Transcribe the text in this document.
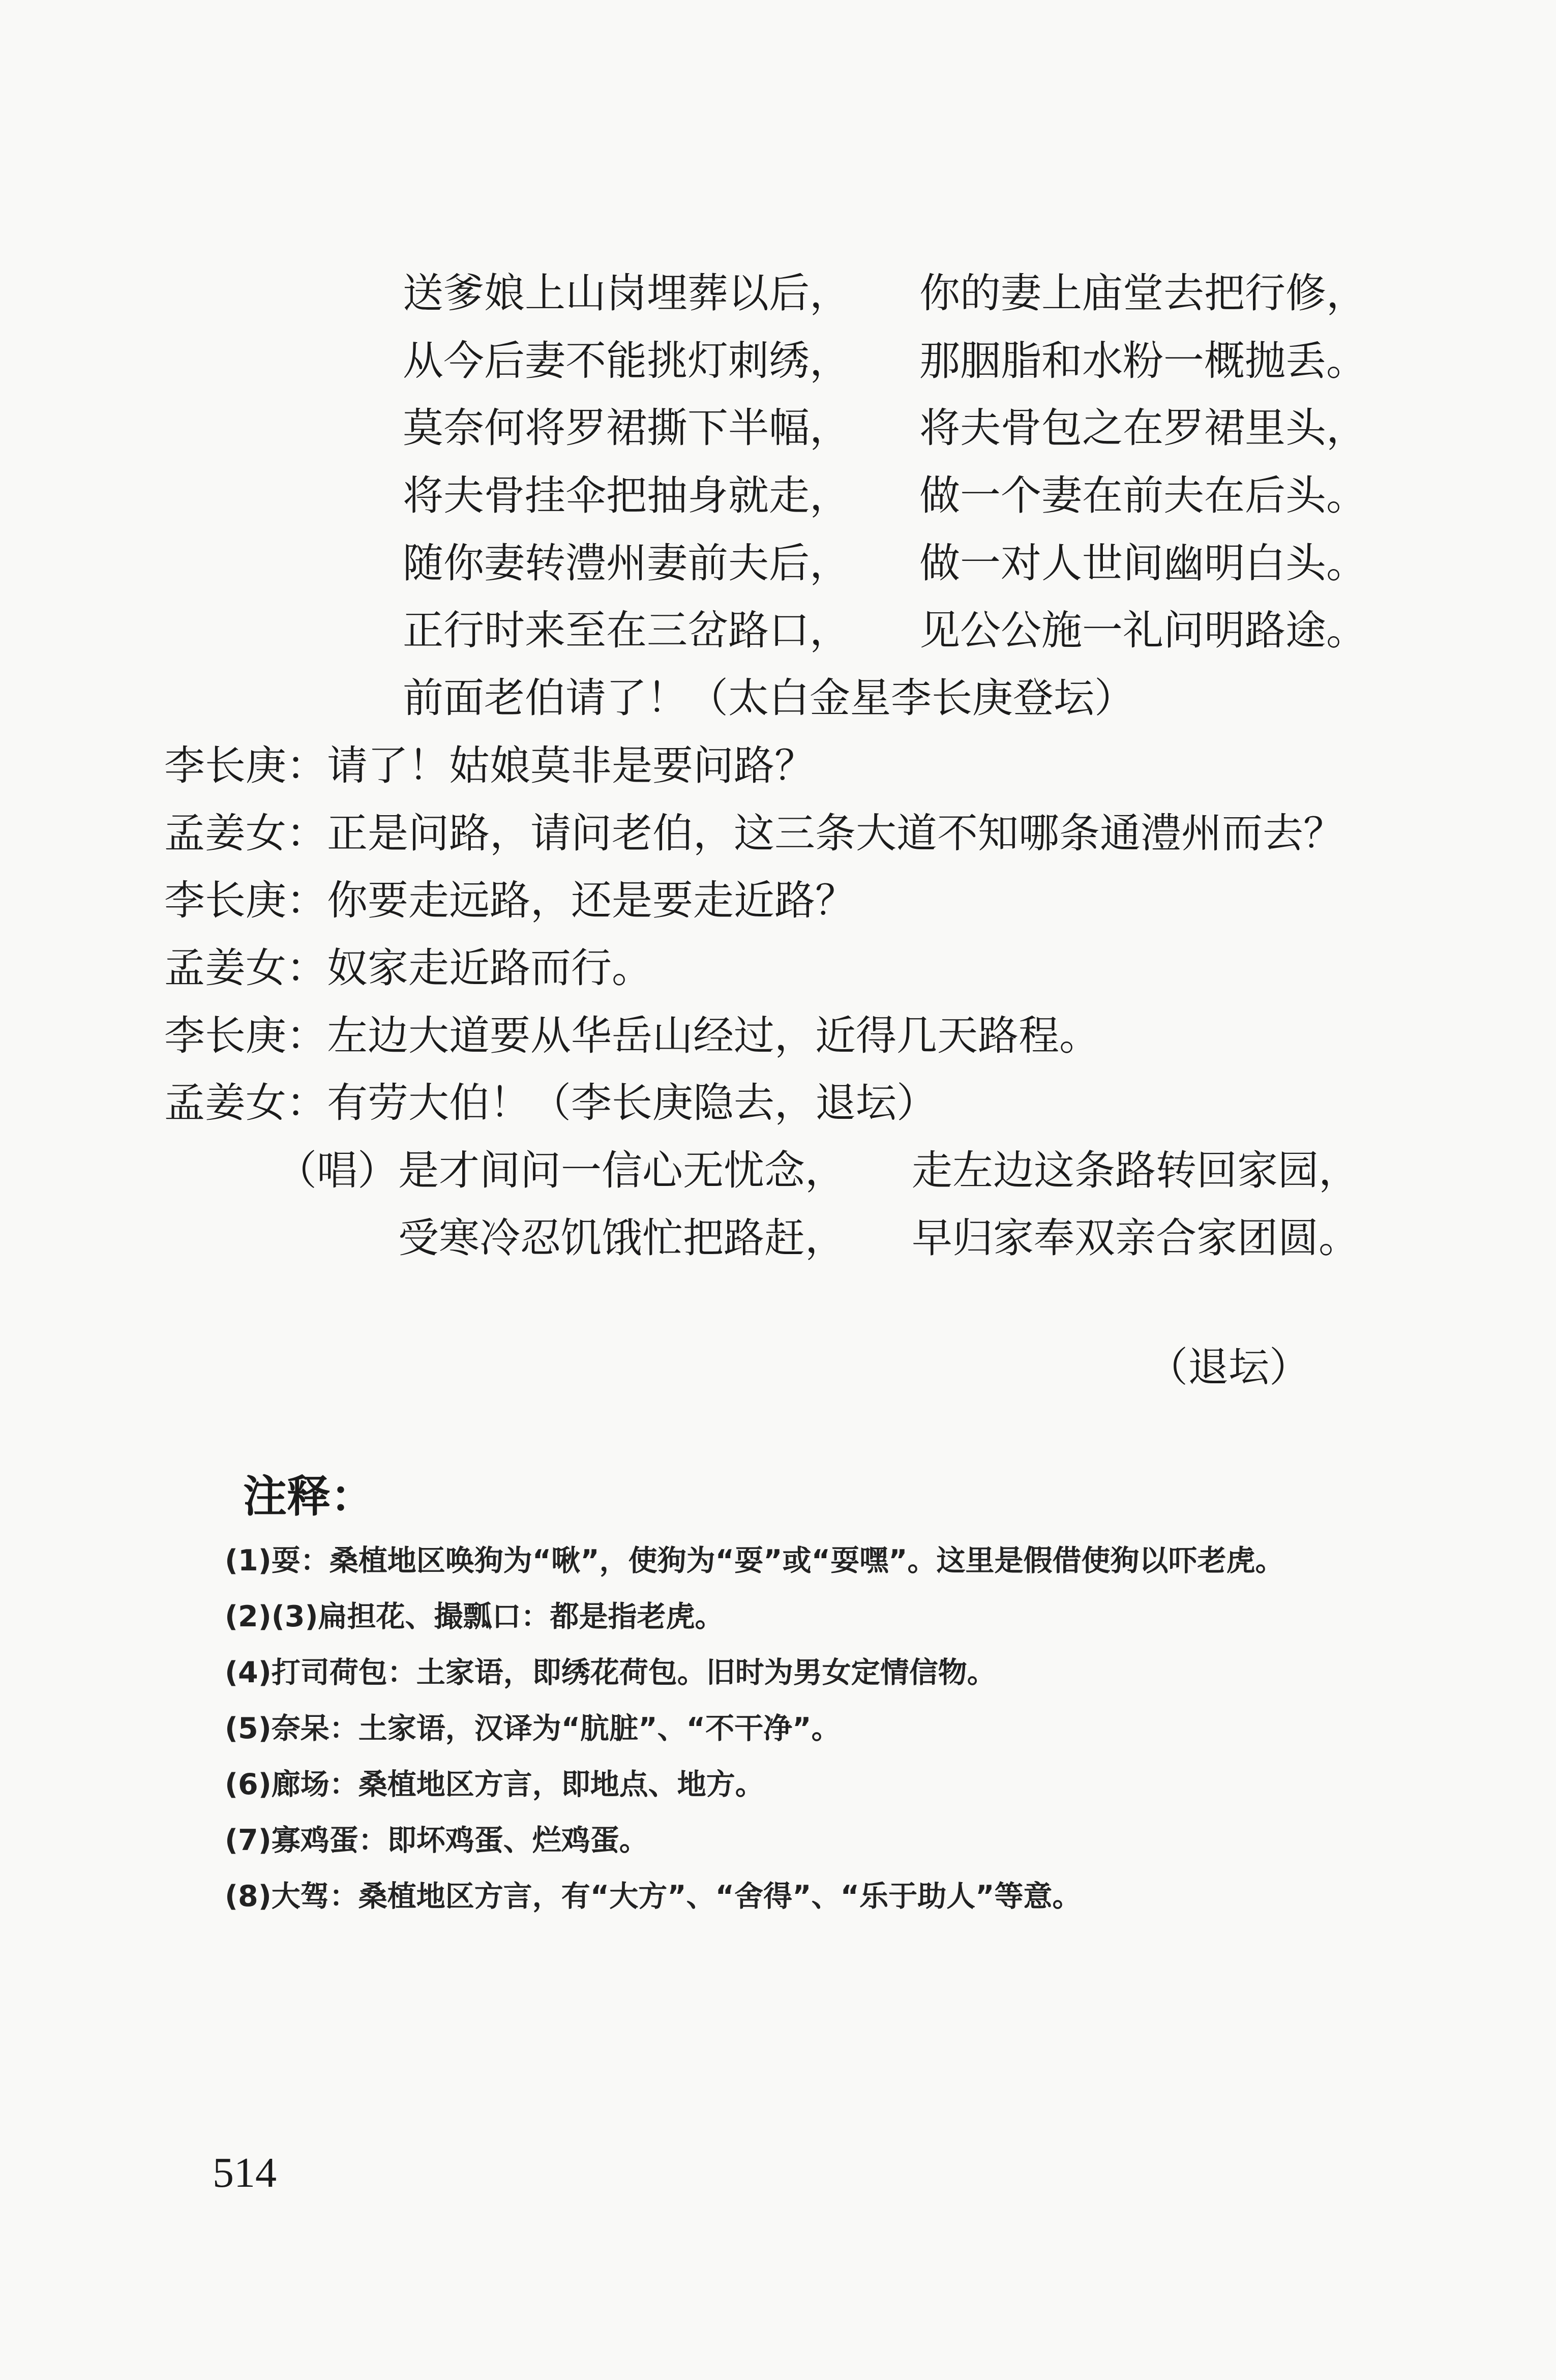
送爹娘上山岗埋葬以后， 你的妻上庙堂去把行修，
从今后妻不能挑灯刺绣， 那胭脂和水粉一概抛丢。
莫奈何将罗裙撕下半幅， 将夫骨包之在罗裙里头，
将夫骨挂伞把抽身就走， 做一个妻在前夫在后头。
随你妻转澧州妻前夫后， 做一对人世间幽明白头。
正行时来至在三岔路口， 见公公施一礼问明路途。
前面老伯请了！（太白金星李长庚登坛）
李长庚：请了！姑娘莫非是要问路？
孟姜女：正是问路，请问老伯，这三条大道不知哪条通澧州而去？
李长庚：你要走远路，还是要走近路？
孟姜女：奴家走近路而行。
李长庚：左边大道要从华岳山经过，近得几天路程。
孟姜女：有劳大伯！（李长庚隐去，退坛）
（唱） 是才间问一信心无忧念， 走左边这条路转回家园，
受寒冷忍饥饿忙把路赶， 早归家奉双亲合家团圆。
（退坛）
注释：
(1)耍：桑植地区唤狗为“啾”，使狗为“耍”或“耍嘿”。这里是假借使狗以吓老虎。
(2)(3)扁担花、撮瓢口：都是指老虎。
(4)打司荷包：土家语，即绣花荷包。旧时为男女定情信物。
(5)奈呆：土家语，汉译为“肮脏”、“不干净”。
(6)廊场：桑植地区方言，即地点、地方。
(7)寡鸡蛋：即坏鸡蛋、烂鸡蛋。
(8)大驾：桑植地区方言，有“大方”、“舍得”、“乐于助人”等意。
514
